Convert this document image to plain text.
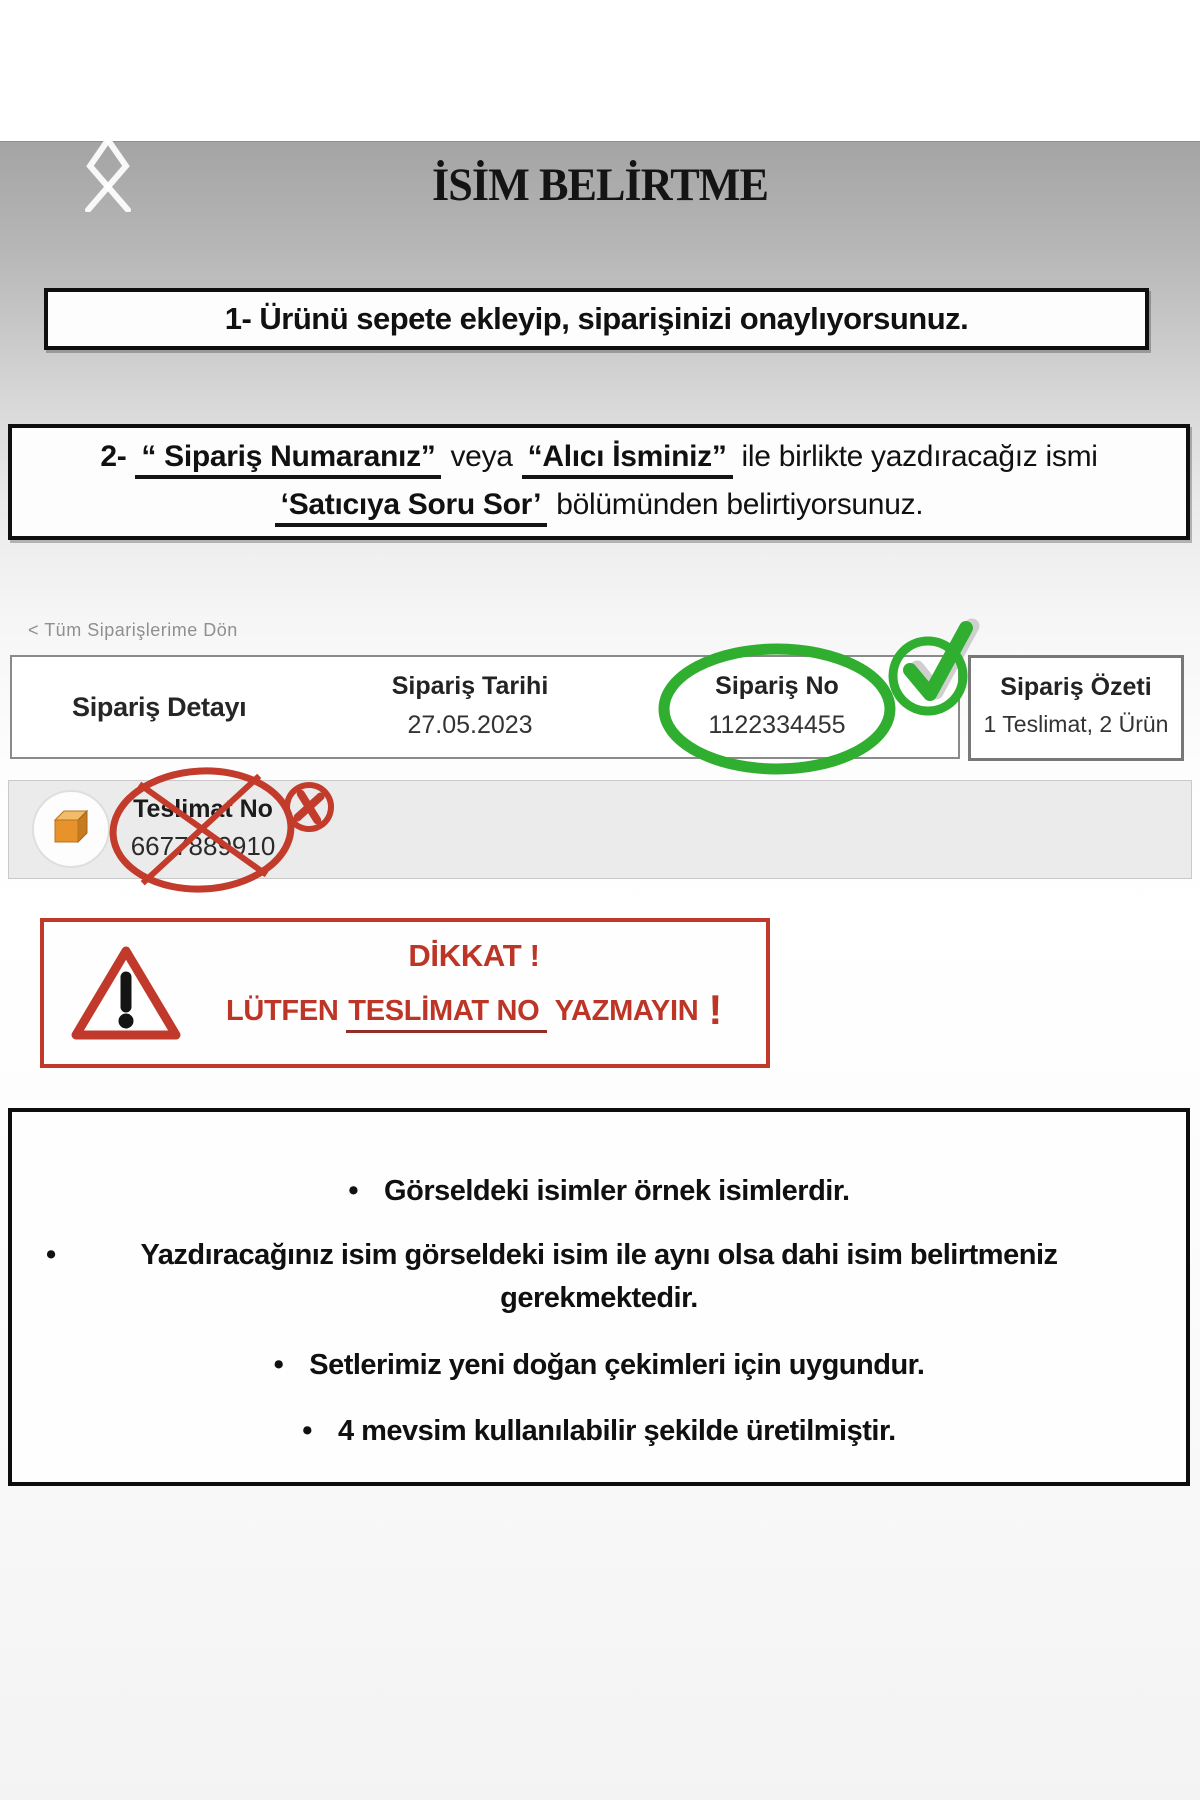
İSİM BELİRTME
1- Ürünü sepete ekleyip, siparişinizi onaylıyorsunuz.
2- “ Sipariş Numaranız” veya “Alıcı İsminiz” ile birlikte yazdıracağız ismi
‘Satıcıya Soru Sor’ bölümünden belirtiyorsunuz.
< Tüm Siparişlerime Dön
Sipariş Detayı
Sipariş Tarihi
27.05.2023
Sipariş No
1122334455
Sipariş Özeti
1 Teslimat, 2 Ürün
Teslimat No
6677889910
DİKKAT !
LÜTFEN TESLİMAT NO YAZMAYIN !
• Görseldeki isimler örnek isimlerdir.
•	Yazdıracağınız isim görseldeki isim ile aynı olsa dahi isim belirtmeniz gerekmektedir.
• Setlerimiz yeni doğan çekimleri için uygundur.
• 4 mevsim kullanılabilir şekilde üretilmiştir.
